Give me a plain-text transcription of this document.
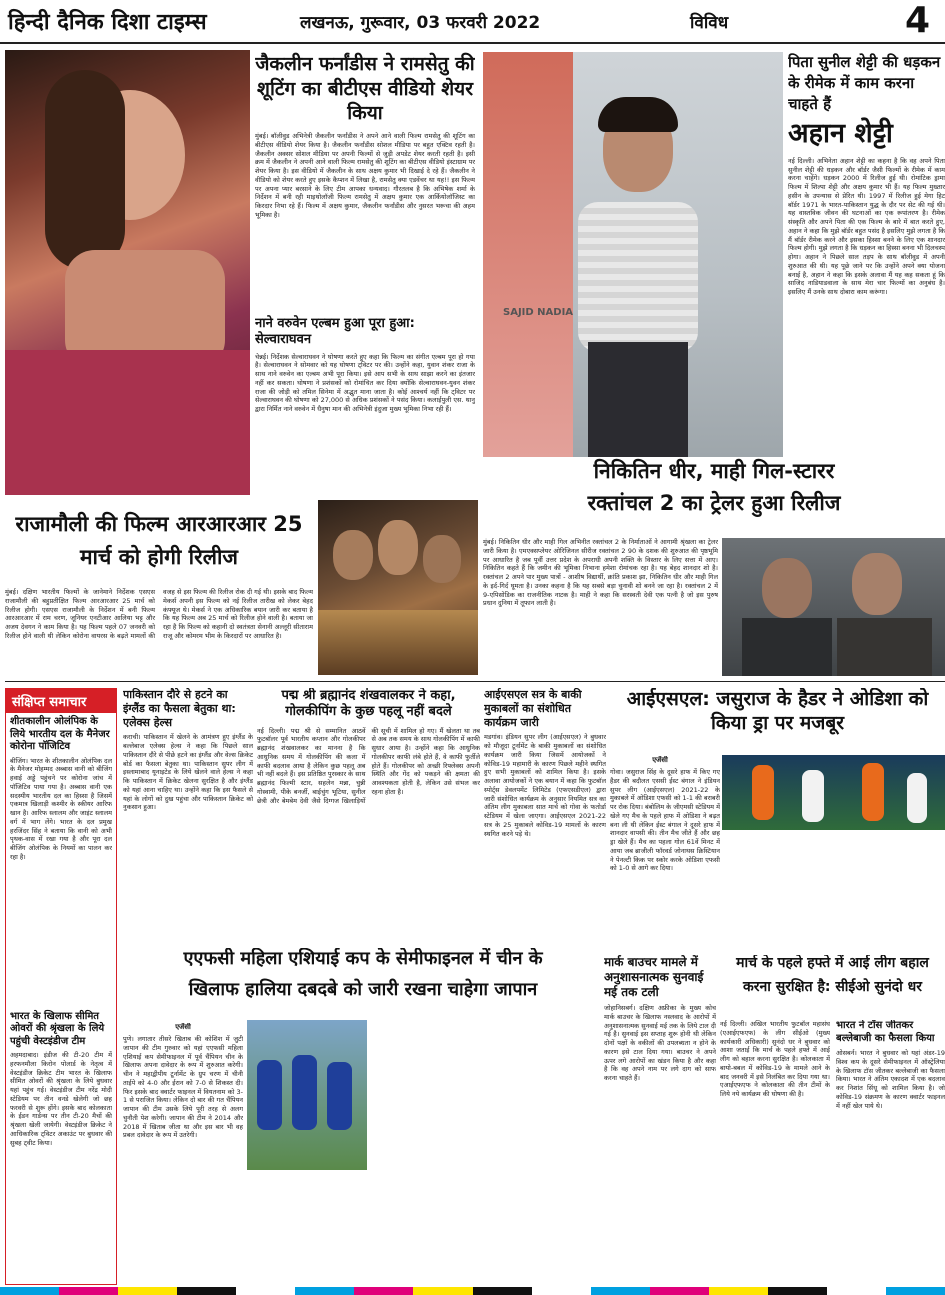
हिन्दी दैनिक दिशा टाइम्स	लखनऊ, गुरूवार, 03 फरवरी 2022	विविध	4
जैकलीन फर्नांडीस ने रामसेतु की शूटिंग का बीटीएस वीडियो शेयर किया
मुंबई। बॉलीवुड अभिनेत्री जैकलीन फर्नांडीस ने अपने आने वाली फिल्म रामसेतु की शूटिंग का बीटीएस वीडियो शेयर किया है। जैकलीन फर्नांडीस सोशल मीडिया पर बहुत एक्टिव रहती है। जैकलीन अक्सर सोशल मीडिया पर अपनी फिल्मों से जुड़ी अपडेट शेयर करती रहती है। इसी क्रम में जैकलीन ने अपनी आने वाली फिल्म रामसेतु की शूटिंग का बीटीएस वीडियो इंस्टाग्राम पर शेयर किया है। इस वीडियो में जैकलीन के साथ अक्षय कुमार भी दिखाई दे रहे हैं। जैकलीन ने वीडियो को शेयर करते हुए इसके कैप्शन में लिखा है, रामसेतु क्या एडवेंचर था यह!! इस फिल्म पर अपना प्यार बरसाने के लिए टीम आपका धन्यवाद। गौरतलब है कि अभिषेक शर्मा के निर्देशन में बनी रही माइथोलॉजी फिल्म रामसेतु में अक्षय कुमार एक आर्कियोलॉजिस्ट का किरदार निभा रहे हैं। फिल्म में अक्षय कुमार, जैकलीन फर्नांडीस और नुसरत भरूचा की अहम भूमिका है।
नाने वरुवेन एल्बम हुआ पूरा हुआ: सेल्वाराघवन
चेन्नई। निर्देशक सेल्वाराघवन ने घोषणा करते हुए कहा कि फिल्म का संगीत एल्बम पूरा हो गया है। सेल्वाराघवन ने सोमवार को यह घोषणा ट्विटर पर की। उन्होंने कहा, युवान शंकर राजा के साथ नाने वरुवेन का एल्बम अभी पूरा किया। इसे आप सभी के साथ साझा करने का इंतजार नहीं कर सकता। घोषणा ने प्रशंसकों को रोमांचित कर दिया क्योंकि सेल्वाराघवन-युवन शंकर राजा की जोड़ी को तमिल सिनेमा में अद्भुत माना जाता है। कोई आश्चर्य नहीं कि ट्विटर पर सेल्वाराघवन की घोषणा को 27,000 से अधिक प्रशंसकों ने पसंद किया। कलाईपुली एस. थानु द्वारा निर्मित नाने वरुवेन में धैनुषा मान की अभिनेत्री इंदुजा मुख्य भूमिका निभा रही हैं।
SAJID NADIA
पिता सुनील शेट्टी की धड़कन के रीमेक में काम करना चाहते हैं
अहान शेट्टी
नई दिल्ली। अभिनेता अहान शेट्टी का कहना है कि वह अपने पिता सुनील शेट्टी की धड़कन और बॉर्डर जैसी फिल्मों के रीमेक में काम करना चाहेंगे। धड़कन 2000 में रिलीज हुई थी। रोमांटिक ड्रामा फिल्म में शिल्पा शेट्टी और अक्षय कुमार भी हैं। यह फिल्म मुख्तार हसीन के उपन्यास से प्रेरित थी। 1997 में रिलीज हुई मेगा हिट बॉर्डर 1971 के भारत-पाकिस्तान युद्ध के दौर पर सेट की गई थी। यह वास्तविक जीवन की घटनाओं का एक रूपांतरण है। रीमेक संस्कृति और अपने पिता की एक फिल्म के बारे में बात करते हुए, अहान ने कहा कि मुझे बॉर्डर बहुत पसंद है इसलिए मुझे लगता है कि मैं बॉर्डर रीमेक करने और इसका हिस्सा बनने के लिए एक शानदार फिल्म होगी। मुझे लगता है कि धड़कन का हिस्सा बनना भी दिलचस्प होगा। अहान ने पिछले साल तड़प के साथ बॉलीवुड में अपनी शुरुआत की थी। यह पूछे जाने पर कि उन्होंने अपने क्या योजना बनाई है, अहान ने कहा कि इसके अलावा मैं यह कह सकता हूं कि साजिद नाडियाडवाला के साथ मेरा चार फिल्मों का अनुबंध है। इसलिए मैं उनके साथ दोबारा काम करूंगा।
निकितिन धीर, माही गिल-स्टारर
रक्तांचल 2 का ट्रेलर हुआ रिलीज
राजामौली की फिल्म आरआरआर 25 मार्च को होगी रिलीज
मुंबई। दक्षिण भारतीय फिल्मों के जानेमाने निर्देशक एसएस राजामौली की बहुप्रतीक्षित फिल्म आरआरआर 25 मार्च को रिलीज होगी। एसएस राजामौली के निर्देशन में बनी फिल्म आरआरआर में राम चरण, जूनियर एनटीआर आलिया भट्ट और अजय देवगन ने काम किया है। यह फिल्म पहले 07 जनवरी को रिलीज होने वाली थी लेकिन कोरोना वायरस के बढ़ते मामलों की वजह से इस फिल्म की रिलीज रोक दी गई थी। इसके बाद फिल्म मेकर्स अपनी इस फिल्म को नई रिलीज तारीख को लेकर बेहद कंफ्यूज थे। मेकर्स ने एक अधिकारिक बयान जारी कर बताया है कि यह फिल्म अब 25 मार्च को रिलीज होने वाली है। बताया जा रहा है कि फिल्म को कहानी दो स्वतंत्रता सेनानी अल्लूरी सीताराम राजू और कोमरम भीम के किरदारों पर आधारित है।
मुंबई। निकितिन धीर और माही गिल अभिनीत रक्तांचल 2 के निर्माताओं ने आगामी श्रृंखला का ट्रेलर जारी किया है। एमएक्सप्लेयर ओरिजिनल सीरीज रक्तांचल 2 90 के दशक की शुरुआत की पृष्ठभूमि पर आधारित है जब पूर्वी उत्तर प्रदेश के अपराधी अपनी शक्ति के विस्तार के लिए सत्ता में आए। निकितिन कहते हैं कि जमीन की भूमिका निभाना हमेशा रोमांचक रहा है। यह बेहद शानदार शो है। रक्तांचल 2 अपने पार मुख्य पात्रों - आशीष विद्यार्थी, क्रांति प्रकाश झा, निकितिन धीर और माही गिल के इर्द-गिर्द घूमता है। उनका कहना है कि यह सबसे बड़ा चुनावी शो बनने जा रहा है। रक्तांचल 2 में 9-एपिसोडिक का राजनीतिक नाटक है। माही ने कहा कि सरस्वती देवी एक पत्नी है जो इस पुरुष प्रधान दुनिया में तूफान लाती है।
संक्षिप्त समाचार
शीतकालीन ओलंपिक के लिये भारतीय दल के मैनेजर कोरोना पॉजिटिव
बीजिंग। भारत के शीतकालीन ओलंपिक दल के मैनेजर मोहम्मद अब्बास वानी को बीजिंग हवाई अड्डे पहुंचने पर कोरोना जांच में पॉजिटिव पाया गया है। अब्बास वानी एक सदस्यीय भारतीय दल का हिस्सा है जिसमें एकमात्र खिलाड़ी कश्मीर के स्कीयर आरिफ खान है। आरिफ स्लालम और जाइंट स्लालम वर्ग में भाग लेंगे। भारत के दल प्रमुख हरजिंदर सिंह ने बताया कि वानी को अभी पृथक-वास में रखा गया है और पूरा दल बीजिंग ओलंपिक के नियमों का पालन कर रहा है।
भारत के खिलाफ सीमित ओवरों की श्रृंखला के लिये पहुंची वेस्टइंडीज टीम
अहमदाबाद। इंडीज की टी-20 टीम में हरफनमौला किरोन पोलार्ड के नेतृत्व में वेस्टइंडीज क्रिकेट टीम भारत के खिलाफ सीमित ओवरों की श्रृंखला के लिये बुधवार यहां पहुंच गई। वेस्टइंडीज टीम नरेंद्र मोदी स्टेडियम पर तीन वनडे खेलेगी जो छह फरवरी से शुरू होंगे। इसके बाद कोलकाता के ईडन गार्डन्स पर तीन टी-20 मैचों की श्रृंखला खेली जायेगी। वेस्टइंडीज क्रिकेट ने आधिकारिक ट्विटर अकाउंट पर बुधवार की सुबह ट्वीट किया।
पाकिस्तान दौरे से हटने का इंग्लैंड का फैसला बेतुका था: एलेक्स हेल्स
कराची। पाकिस्तान में खेलने के आमंत्रण हुए इंग्लैंड के बल्लेबाज एलेक्स हेल्स ने कहा कि पिछले साल पाकिस्तान दौरे से पीछे हटने का इंग्लैंड और वेल्स क्रिकेट बोर्ड का फैसला बेतुका था। पाकिस्तान सुपर लीग में इस्लामाबाद यूनाइटेड के लिये खेलने वाले हेल्स ने कहा कि पाकिस्तान में क्रिकेट खेलना सुरक्षित है और इंग्लैंड को यहां आना चाहिए था। उन्होंने कहा कि इस फैसले से यहां के लोगों को दुख पहुंचा और पाकिस्तान क्रिकेट को नुकसान हुआ।
पद्म श्री ब्रह्मानंद शंखवालकर ने कहा, गोलकीपिंग के कुछ पहलू नहीं बदले
नई दिल्ली। पद्म श्री से सम्मानित आठवें फुटबॉलर पूर्व भारतीय कप्तान और गोलकीपर ब्रह्मानंद शंखवालकर का मानना है कि आधुनिक समय में गोलकीपिंग की कला में काफी बदलाव आया है लेकिन कुछ पहलू अब भी नहीं बदले हैं। इस प्रतिष्ठित पुरस्कार के साथ ब्रह्मानंद फिल्मी स्टार, सहलेन मन्ना, चुन्नी गोस्वामी, पीके बनर्जी, बाईचुंग भूटिया, सुनील छेत्री और बेमबेम देवी जैसे दिग्गज खिलाड़ियों की सूची में शामिल हो गए। मैं खेलता था तब से अब तक समय के साथ गोलकीपिंग में काफी सुधार आया है। उन्होंने कहा कि आधुनिक गोलकीपर काफी लंबे होते हैं, वे काफी फुर्तीले होते हैं। गोलकीपर को अच्छी रिफ्लेक्स अपनी स्थिति और गेंद को पकड़ने की क्षमता की आवश्यकता होती है, लेकिन उसे संभल कर रहना होता है।
आईएसएल सत्र के बाकी मुकाबलों का संशोधित कार्यक्रम जारी
मडगांव। इंडियन सुपर लीग (आईएसएल) ने बुधवार को मौजूदा टूर्नामेंट के बाकी मुकाबलों का संशोधित कार्यक्रम जारी किया जिसमें आयोजकों ने कोविड-19 महामारी के कारण पिछले महीने स्थगित हुए सभी मुकाबलों को शामिल किया है। इसके अलावा आयोजकों ने एक बयान में कहा कि फुटबॉल स्पोर्ट्स डेवलपमेंट लिमिटेड (एफएसडीएल) द्वारा जारी संशोधित कार्यक्रम के अनुसार नियमित सत्र का अंतिम लीग मुकाबला सात मार्च को गोवा के फतोर्डा स्टेडियम में खेला जाएगा। आईएसएल 2021-22 सत्र के 25 मुकाबले कोविड-19 मामलों के कारण स्थगित करने पड़े थे।
आईएसएल: जसुराज के हैडर ने ओडिशा को किया ड्रा पर मजबूर
एजेंसी
गोवा। जसुराज सिंह के दूसरे हाफ में किए गए हैडर की बदौलत एससी ईस्ट बंगाल ने इंडियन सुपर लीग (आईएसएल) 2021-22 के मुकाबले में ओडिशा एफसी को 1-1 की बराबरी पर रोक दिया। बंबोलिम के जीएमसी स्टेडियम में खेले गए मैच के पहले हाफ में ओडिशा ने बढ़त बना ली थी लेकिन ईस्ट बंगाल ने दूसरे हाफ में शानदार वापसी की। तीन मैच जीते हैं और छह ड्रा खेले हैं। मैच का पहला गोल 61वें मिनट में आया जब ब्राजीली फॉरवर्ड जोनाथस क्रिस्टियान ने पेनल्टी किक पर स्कोर करके ओडिशा एफसी को 1-0 से आगे कर दिया।
एएफसी महिला एशियाई कप के सेमीफाइनल में चीन के
खिलाफ हालिया दबदबे को जारी रखना चाहेगा जापान
एजेंसी
पुणे। लगातार तीसरे खिताब की कोशिश में जुटी जापान की टीम गुरुवार को यहां एएफसी महिला एशियाई कप सेमीफाइनल में पूर्व चैंपियन चीन के खिलाफ अपना दावेदार के रूप में शुरुआत करेगी। चीन ने महाद्वीपीय टूर्नामेंट के ग्रुप चरण में चीनी ताईपे को 4-0 और ईरान को 7-0 से शिकस्त दी। फिर इसके बाद क्वार्टर फाइनल में वियतनाम को 3-1 से पराजित किया। लेकिन दो बार की गत चैंपियन जापान की टीम उसके लिये पूरी तरह से अलग चुनौती पेश करेगी। जापान की टीम ने 2014 और 2018 में खिताब जीता था और इस बार भी वह प्रबल दावेदार के रूप में उतरेगी।
मार्क बाउचर मामले में अनुशासनात्मक सुनवाई मई तक टली
जोहानिसबर्ग। दक्षिण अफ्रीका के मुख्य कोच मार्क बाउचर के खिलाफ नस्लवाद के आरोपों में अनुशासनात्मक सुनवाई मई तक के लिये टाल दी गई है। सुनवाई इस सप्ताह शुरू होनी थी लेकिन दोनों पक्षों के वकीलों की उपलब्धता न होने के कारण इसे टाल दिया गया। बाउचर ने अपने ऊपर लगे आरोपों का खंडन किया है और कहा है कि वह अपने नाम पर लगे दाग को साफ करना चाहते हैं।
मार्च के पहले हफ्ते में आई लीग बहाल
करना सुरक्षित है: सीईओ सुनंदो धर
नई दिल्ली। अखिल भारतीय फुटबॉल महासंघ (एआईएफएफ) के लीग सीईओ (मुख्य कार्यकारी अधिकारी) सुनंदो धर ने बुधवार को आशा जताई कि मार्च के पहले हफ्ते में आई लीग को बहाल करना सुरक्षित है। कोलकाता में बायो-बबल में कोविड-19 के मामले आने के बाद जनवरी में इसे निलंबित कर दिया गया था। एआईएफएफ ने कोलकाता की तीन टीमों के लिये नये कार्यक्रम की घोषणा की है।
भारत ने टॉस जीतकर बल्लेबाजी का फैसला किया
ओसबर्न। भारत ने बुधवार को यहां अंडर-19 विश्व कप के दूसरे सेमीफाइनल में ऑस्ट्रेलिया के खिलाफ टॉस जीतकर बल्लेबाजी का फैसला किया। भारत ने अंतिम एकादश में एक बदलाव कर निशांत सिंधू को शामिल किया है। जो कोविड-19 संक्रमण के कारण क्वार्टर फाइनल में नहीं खेल पाये थे।
